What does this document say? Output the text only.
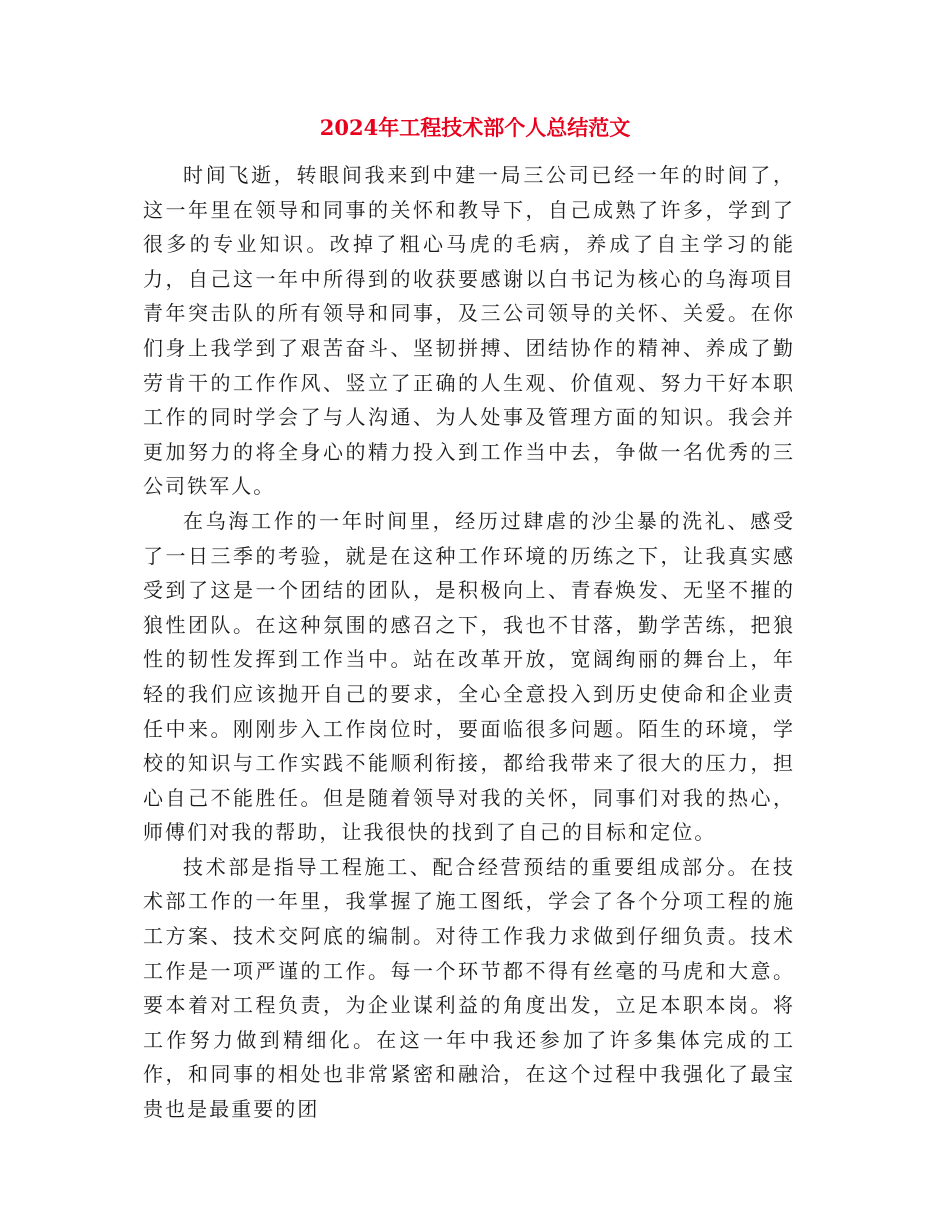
2024年工程技术部个人总结范文

时间飞逝，转眼间我来到中建一局三公司已经一年的时间了，这一年里在领导和同事的关怀和教导下，自己成熟了许多，学到了很多的专业知识。改掉了粗心马虎的毛病，养成了自主学习的能力，自己这一年中所得到的收获要感谢以白书记为核心的乌海项目青年突击队的所有领导和同事，及三公司领导的关怀、关爱。在你们身上我学到了艰苦奋斗、坚韧拼搏、团结协作的精神、养成了勤劳肯干的工作作风、竖立了正确的人生观、价值观、努力干好本职工作的同时学会了与人沟通、为人处事及管理方面的知识。我会并更加努力的将全身心的精力投入到工作当中去，争做一名优秀的三公司铁军人。

在乌海工作的一年时间里，经历过肆虐的沙尘暴的洗礼、感受了一日三季的考验，就是在这种工作环境的历练之下，让我真实感受到了这是一个团结的团队，是积极向上、青春焕发、无坚不摧的狼性团队。在这种氛围的感召之下，我也不甘落，勤学苦练，把狼性的韧性发挥到工作当中。站在改革开放，宽阔绚丽的舞台上，年轻的我们应该抛开自己的要求，全心全意投入到历史使命和企业责任中来。刚刚步入工作岗位时，要面临很多问题。陌生的环境，学校的知识与工作实践不能顺利衔接，都给我带来了很大的压力，担心自己不能胜任。但是随着领导对我的关怀，同事们对我的热心，师傅们对我的帮助，让我很快的找到了自己的目标和定位。

技术部是指导工程施工、配合经营预结的重要组成部分。在技术部工作的一年里，我掌握了施工图纸，学会了各个分项工程的施工方案、技术交阿底的编制。对待工作我力求做到仔细负责。技术工作是一项严谨的工作。每一个环节都不得有丝毫的马虎和大意。要本着对工程负责，为企业谋利益的角度出发，立足本职本岗。将工作努力做到精细化。在这一年中我还参加了许多集体完成的工作，和同事的相处也非常紧密和融洽，在这个过程中我强化了最宝贵也是最重要的团
